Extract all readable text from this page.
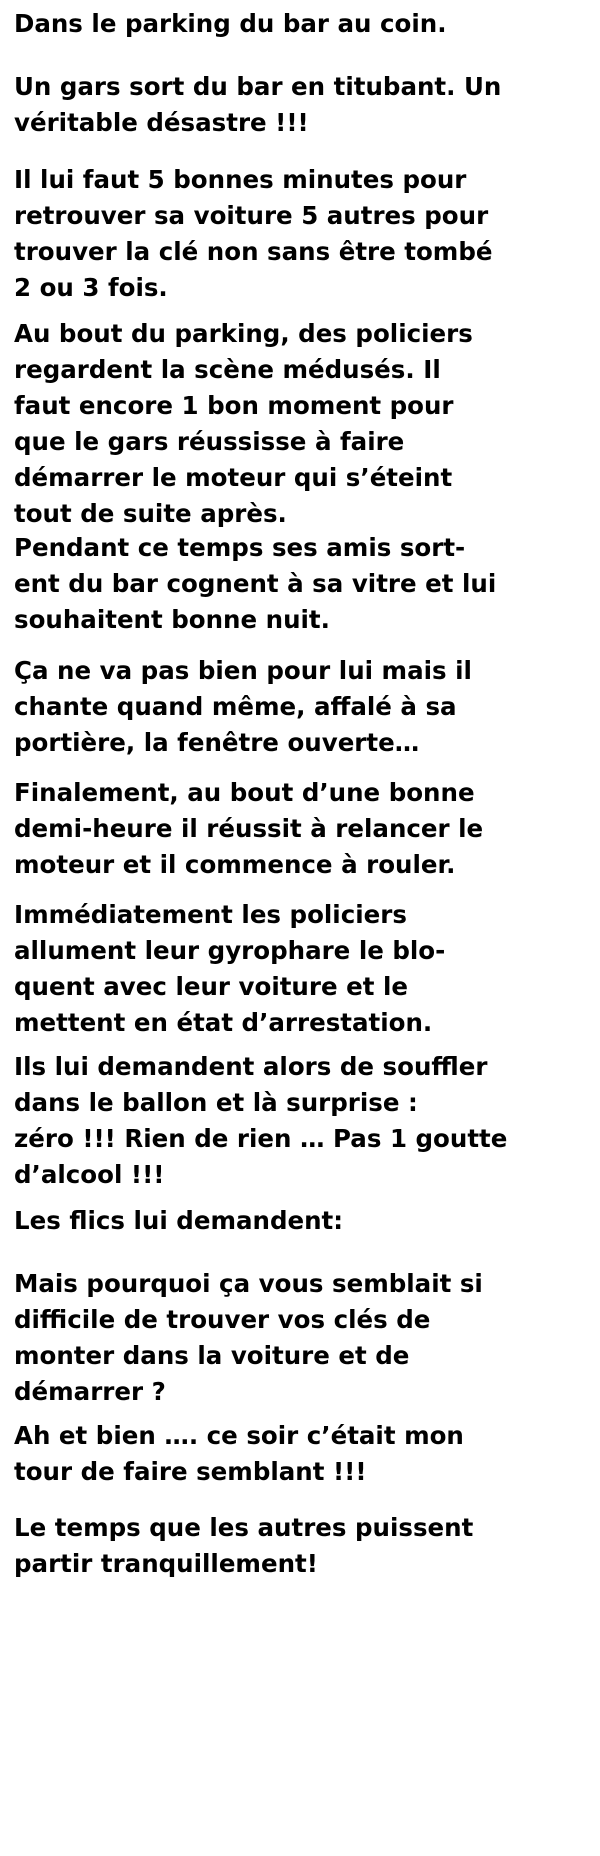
Dans le parking du bar au coin.

Un gars sort du bar en titubant. Un
véritable désastre !!!

Il lui faut 5 bonnes minutes pour
retrouver sa voiture 5 autres pour
trouver la clé non sans être tombé
2 ou 3 fois.

Au bout du parking, des policiers
regardent la scène médusés. Il
faut encore 1 bon moment pour
que le gars réussisse à faire
démarrer le moteur qui s’éteint
tout de suite après.

Pendant ce temps ses amis sort-
ent du bar cognent à sa vitre et lui
souhaitent bonne nuit.

Ça ne va pas bien pour lui mais il
chante quand même, affalé à sa
portière, la fenêtre ouverte…

Finalement, au bout d’une bonne
demi-heure il réussit à relancer le
moteur et il commence à rouler.

Immédiatement les policiers
allument leur gyrophare le blo-
quent avec leur voiture et le
mettent en état d’arrestation.

Ils lui demandent alors de souffler
dans le ballon et là surprise :
zéro !!! Rien de rien … Pas 1 goutte
d’alcool !!!

Les flics lui demandent:

Mais pourquoi ça vous semblait si
difficile de trouver vos clés de
monter dans la voiture et de
démarrer ?

Ah et bien …. ce soir c’était mon
tour de faire semblant !!!

Le temps que les autres puissent
partir tranquillement!
